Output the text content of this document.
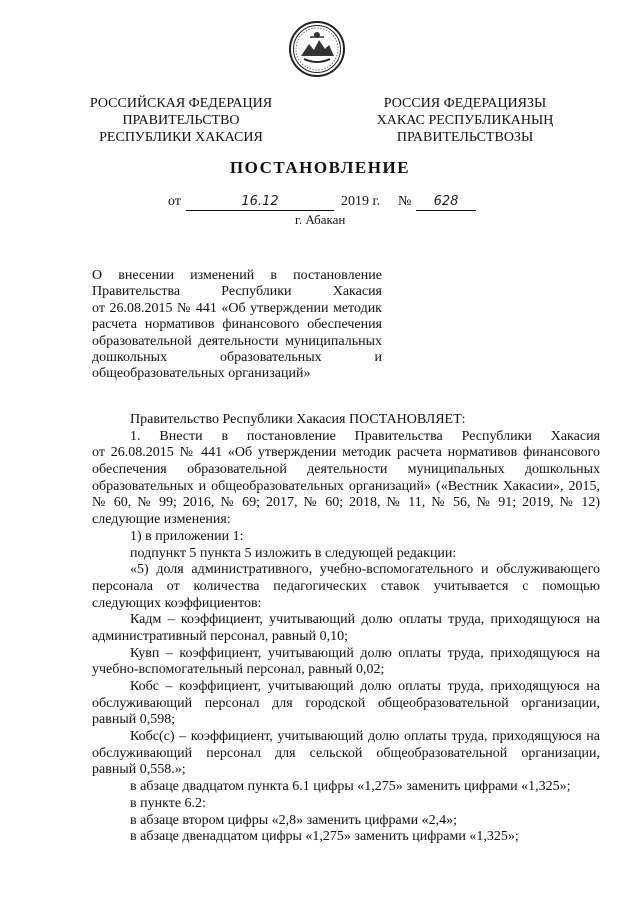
РОССИЙСКАЯ ФЕДЕРАЦИЯ
ПРАВИТЕЛЬСТВО
РЕСПУБЛИКИ ХАКАСИЯ
РОССИЯ ФЕДЕРАЦИЯЗЫ
ХАКАС РЕСПУБЛИКАНЫҢ
ПРАВИТЕЛЬСТВОЗЫ
ПОСТАНОВЛЕНИЕ
от	16.12	2019 г. №	628
г. Абакан
О внесении изменений в постановление
Правительства Республики Хакасия
от 26.08.2015 № 441 «Об утверждении методик
расчета нормативов финансового обеспечения
образовательной деятельности муниципальных
дошкольных образовательных и
общеобразовательных организаций»
Правительство Республики Хакасия ПОСТАНОВЛЯЕТ:
1. Внести в постановление Правительства Республики Хакасия
от 26.08.2015 № 441 «Об утверждении методик расчета нормативов финансового
обеспечения образовательной деятельности муниципальных дошкольных
образовательных и общеобразовательных организаций» («Вестник Хакасии», 2015,
№ 60, № 99; 2016, № 69; 2017, № 60; 2018, № 11, № 56, № 91; 2019, № 12)
следующие изменения:
1) в приложении 1:
подпункт 5 пункта 5 изложить в следующей редакции:
«5) доля административного, учебно-вспомогательного и обслуживающего
персонала от количества педагогических ставок учитывается с помощью
следующих коэффициентов:
Кадм – коэффициент, учитывающий долю оплаты труда, приходящуюся на
административный персонал, равный 0,10;
Кувп – коэффициент, учитывающий долю оплаты труда, приходящуюся на
учебно-вспомогательный персонал, равный 0,02;
Кобс – коэффициент, учитывающий долю оплаты труда, приходящуюся на
обслуживающий персонал для городской общеобразовательной организации,
равный 0,598;
Кобс(с) – коэффициент, учитывающий долю оплаты труда, приходящуюся на
обслуживающий персонал для сельской общеобразовательной организации,
равный 0,558.»;
в абзаце двадцатом пункта 6.1 цифры «1,275» заменить цифрами «1,325»;
в пункте 6.2:
в абзаце втором цифры «2,8» заменить цифрами «2,4»;
в абзаце двенадцатом цифры «1,275» заменить цифрами «1,325»;
